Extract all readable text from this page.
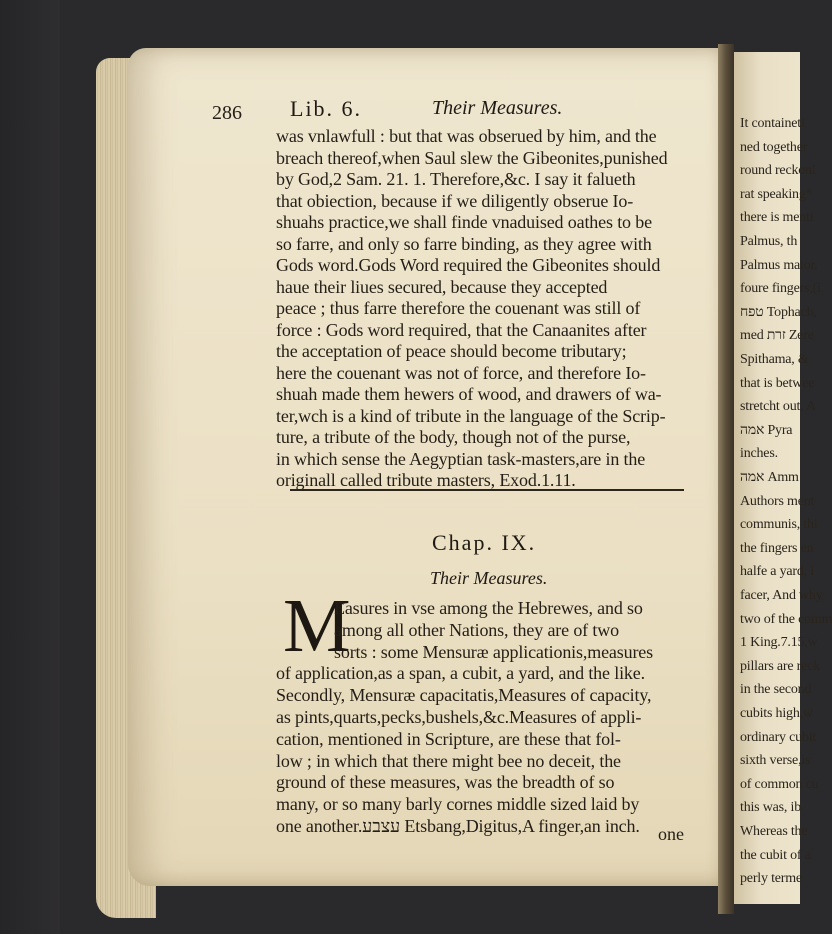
It containetl
ned together
round reckoni
rat speaking*
there is menti
Palmus, th
Palmus maior.
foure fingers,(i
טפח Tophach,
med זרת Zere
Spithama, &
that is betwee
stretcht out, A
אמה Pyra
inches.
אמה Amm
Authors ment
communis, thi
the fingers en
halfe a yard, i
facer, And why
two of the comm
1 King.7.15,w
pillars are reck
in the second
cubits high,w
ordinary cubit
sixth verse,is
of common cu
this was, ib
Whereas the
the cubit of a
perly terme
286 Lib. 6.	Their Measures.
was vnlawfull : but that was obserued by him, and the
breach thereof,when Saul slew the Gibeonites,punished
by God,2 Sam. 21. 1. Therefore,&c. I say it falueth
that obiection, because if we diligently obserue Io-
shuahs practice,we shall finde vnaduised oathes to be
so farre, and only so farre binding, as they agree with
Gods word.Gods Word required the Gibeonites should
haue their liues secured, because they accepted
peace ; thus farre therefore the couenant was still of
force : Gods word required, that the Canaanites after
the acceptation of peace should become tributary;
here the couenant was not of force, and therefore Io-
shuah made them hewers of wood, and drawers of wa-
ter,wch is a kind of tribute in the language of the Scrip-
ture, a tribute of the body, though not of the purse,
in which sense the Aegyptian task-masters,are in the
originall called tribute masters, Exod.1.11.
Chap. IX.
Their Measures.
M
Easures in vse among the Hebrewes, and so
among all other Nations, they are of two
sorts : some Mensuræ applicationis,measures
of application,as a span, a cubit, a yard, and the like.
Secondly, Mensuræ capacitatis,Measures of capacity,
as pints,quarts,pecks,bushels,&c.Measures of appli-
cation, mentioned in Scripture, are these that fol-
low ; in which that there might bee no deceit, the
ground of these measures, was the breadth of so
many, or so many barly cornes middle sized laid by
one another.עצבע Etsbang,Digitus,A finger,an inch. one
